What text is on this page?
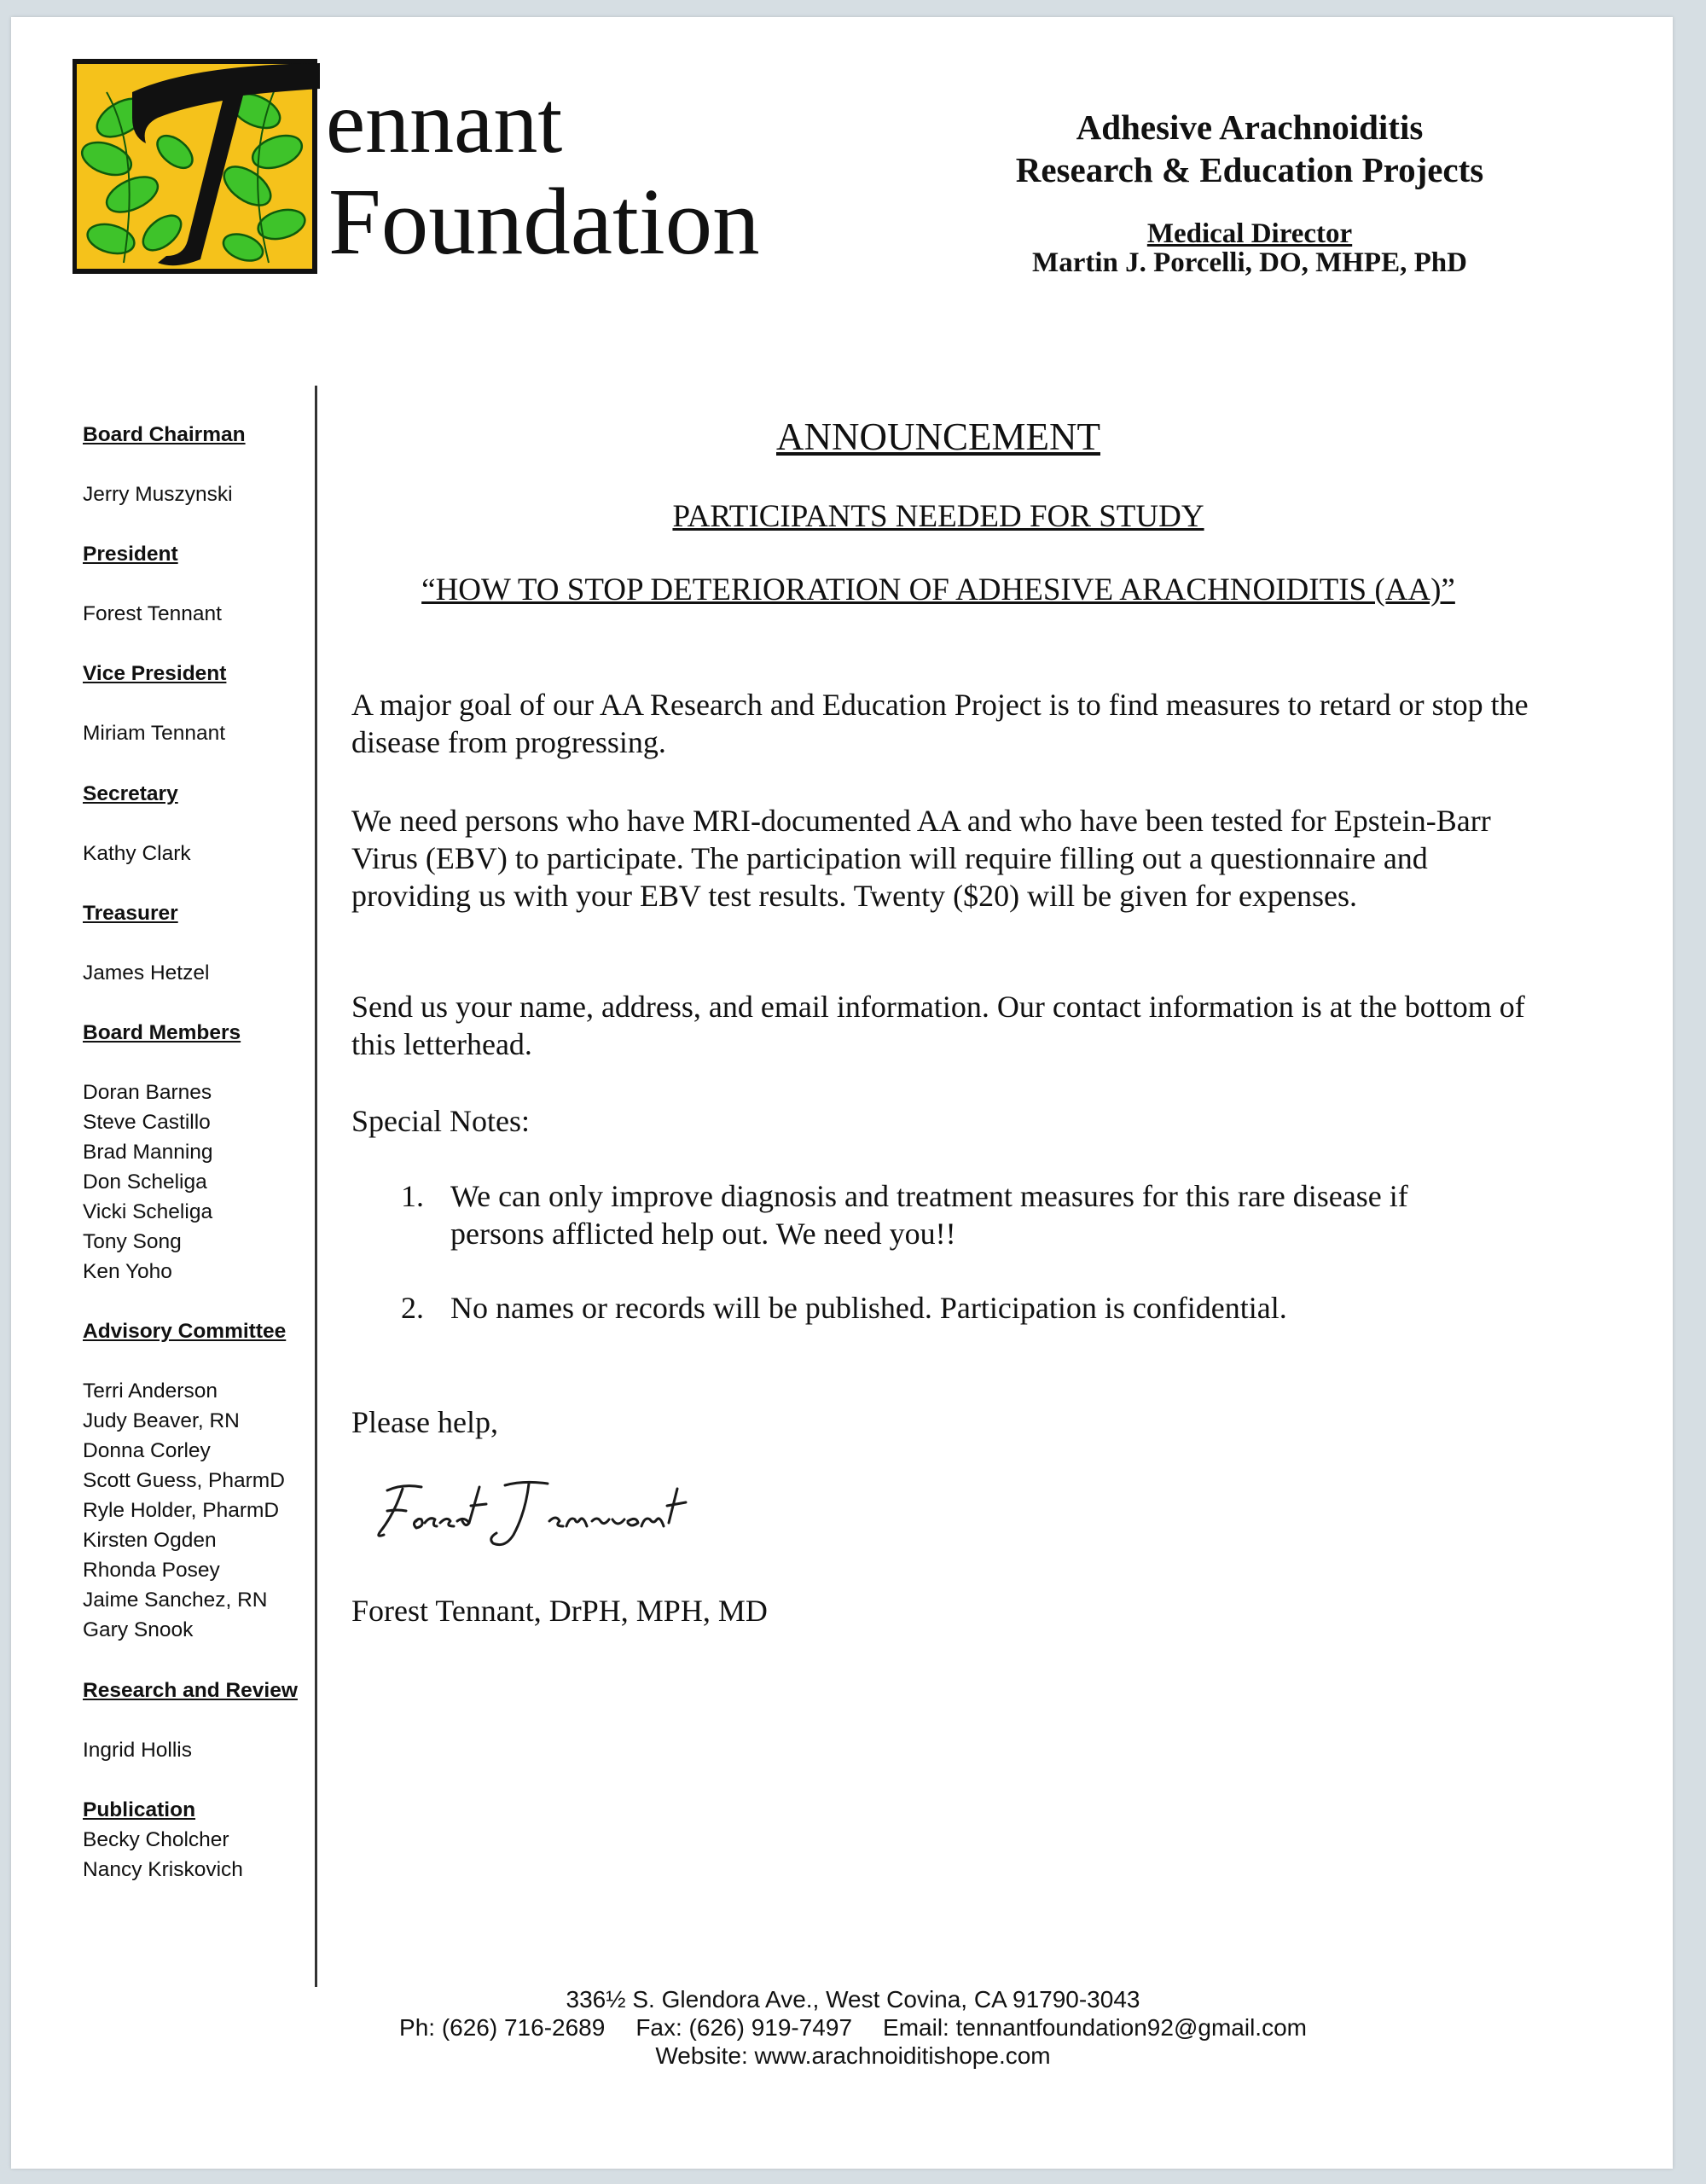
ennant
Foundation
Adhesive Arachnoiditis
Research & Education Projects
Medical Director
Martin J. Porcelli, DO, MHPE, PhD
Board Chairman
Jerry Muszynski
President
Forest Tennant
Vice President
Miriam Tennant
Secretary
Kathy Clark
Treasurer
James Hetzel
Board Members
Doran Barnes
Steve Castillo
Brad Manning
Don Scheliga
Vicki Scheliga
Tony Song
Ken Yoho
Advisory Committee
Terri Anderson
Judy Beaver, RN
Donna Corley
Scott Guess, PharmD
Ryle Holder, PharmD
Kirsten Ogden
Rhonda Posey
Jaime Sanchez, RN
Gary Snook
Research and Review
Ingrid Hollis
Publication
Becky Cholcher
Nancy Kriskovich
ANNOUNCEMENT
PARTICIPANTS NEEDED FOR STUDY
“HOW TO STOP DETERIORATION OF ADHESIVE ARACHNOIDITIS (AA)”

A major goal of our AA Research and Education Project is to find measures to retard or stop the disease from progressing.

We need persons who have MRI-documented AA and who have been tested for Epstein-Barr Virus (EBV) to participate. The participation will require filling out a questionnaire and providing us with your EBV test results. Twenty ($20) will be given for expenses.

Send us your name, address, and email information. Our contact information is at the bottom of this letterhead.

Special Notes:

1. We can only improve diagnosis and treatment measures for this rare disease if persons afflicted help out. We need you!!
2. No names or records will be published. Participation is confidential.
Please help,
Forest Tennant, DrPH, MPH, MD
336½ S. Glendora Ave., West Covina, CA 91790-3043
Ph: (626) 716-2689 Fax: (626) 919-7497 Email: tennantfoundation92@gmail.com
Website: www.arachnoiditishope.com
